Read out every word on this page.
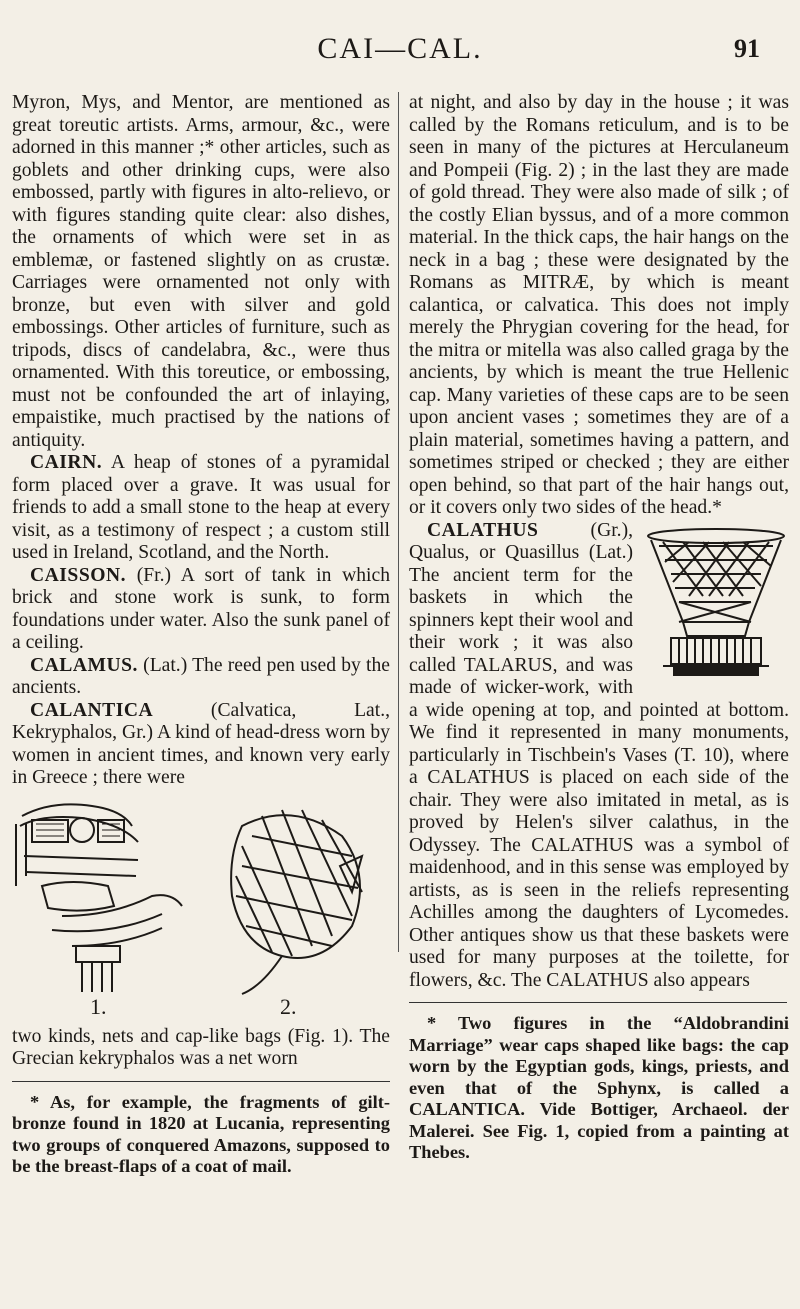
CAI—CAL.	91

Myron, Mys, and Mentor, are mentioned as great toreutic artists. Arms, armour, &c., were adorned in this manner ;* other articles, such as goblets and other drinking cups, were also embossed, partly with figures in alto-relievo, or with figures standing quite clear: also dishes, the ornaments of which were set in as emblemæ, or fastened slightly on as crustæ. Carriages were ornamented not only with bronze, but even with silver and gold embossings. Other articles of furniture, such as tripods, discs of candelabra, &c., were thus ornamented. With this toreutice, or embossing, must not be confounded the art of inlaying, empaistike, much practised by the nations of antiquity.

CAIRN. A heap of stones of a pyramidal form placed over a grave. It was usual for friends to add a small stone to the heap at every visit, as a testimony of respect ; a custom still used in Ireland, Scotland, and the North.

CAISSON. (Fr.) A sort of tank in which brick and stone work is sunk, to form foundations under water. Also the sunk panel of a ceiling.

CALAMUS. (Lat.) The reed pen used by the ancients.

CALANTICA (Calvatica, Lat., Kekryphalos, Gr.) A kind of head-dress worn by women in ancient times, and known very early in Greece ; there were

1.	2.

two kinds, nets and cap-like bags (Fig. 1). The Grecian kekryphalos was a net worn

* As, for example, the fragments of gilt-bronze found in 1820 at Lucania, representing two groups of conquered Amazons, supposed to be the breast-flaps of a coat of mail.

at night, and also by day in the house ; it was called by the Romans reticulum, and is to be seen in many of the pictures at Herculaneum and Pompeii (Fig. 2) ; in the last they are made of gold thread. They were also made of silk ; of the costly Elian byssus, and of a more common material. In the thick caps, the hair hangs on the neck in a bag ; these were designated by the Romans as MITRÆ, by which is meant calantica, or calvatica. This does not imply merely the Phrygian covering for the head, for the mitra or mitella was also called graga by the ancients, by which is meant the true Hellenic cap. Many varieties of these caps are to be seen upon ancient vases ; sometimes they are of a plain material, sometimes having a pattern, and sometimes striped or checked ; they are either open behind, so that part of the hair hangs out, or it covers only two sides of the head.*

CALATHUS
(Gr.), Qualus, or Quasillus (Lat.) The ancient term for the baskets in which the spinners kept their wool and their work ; it was also called TALARUS, and was made of wicker-work, with a wide opening at top, and pointed at bottom. We find it represented in many monuments, particularly in Tischbein's Vases (T. 10), where a CALATHUS is placed on each side of the chair. They were also imitated in metal, as is proved by Helen's silver calathus, in the Odyssey. The CALATHUS was a symbol of maidenhood, and in this sense was employed by artists, as is seen in the reliefs representing Achilles among the daughters of Lycomedes. Other antiques show us that these baskets were used for many purposes at the toilette, for flowers, &c. The CALATHUS also appears

* Two figures in the “Aldobrandini Marriage” wear caps shaped like bags: the cap worn by the Egyptian gods, kings, priests, and even that of the Sphynx, is called a CALANTICA. Vide Bottiger, Archaeol. der Malerei. See Fig. 1, copied from a painting at Thebes.
